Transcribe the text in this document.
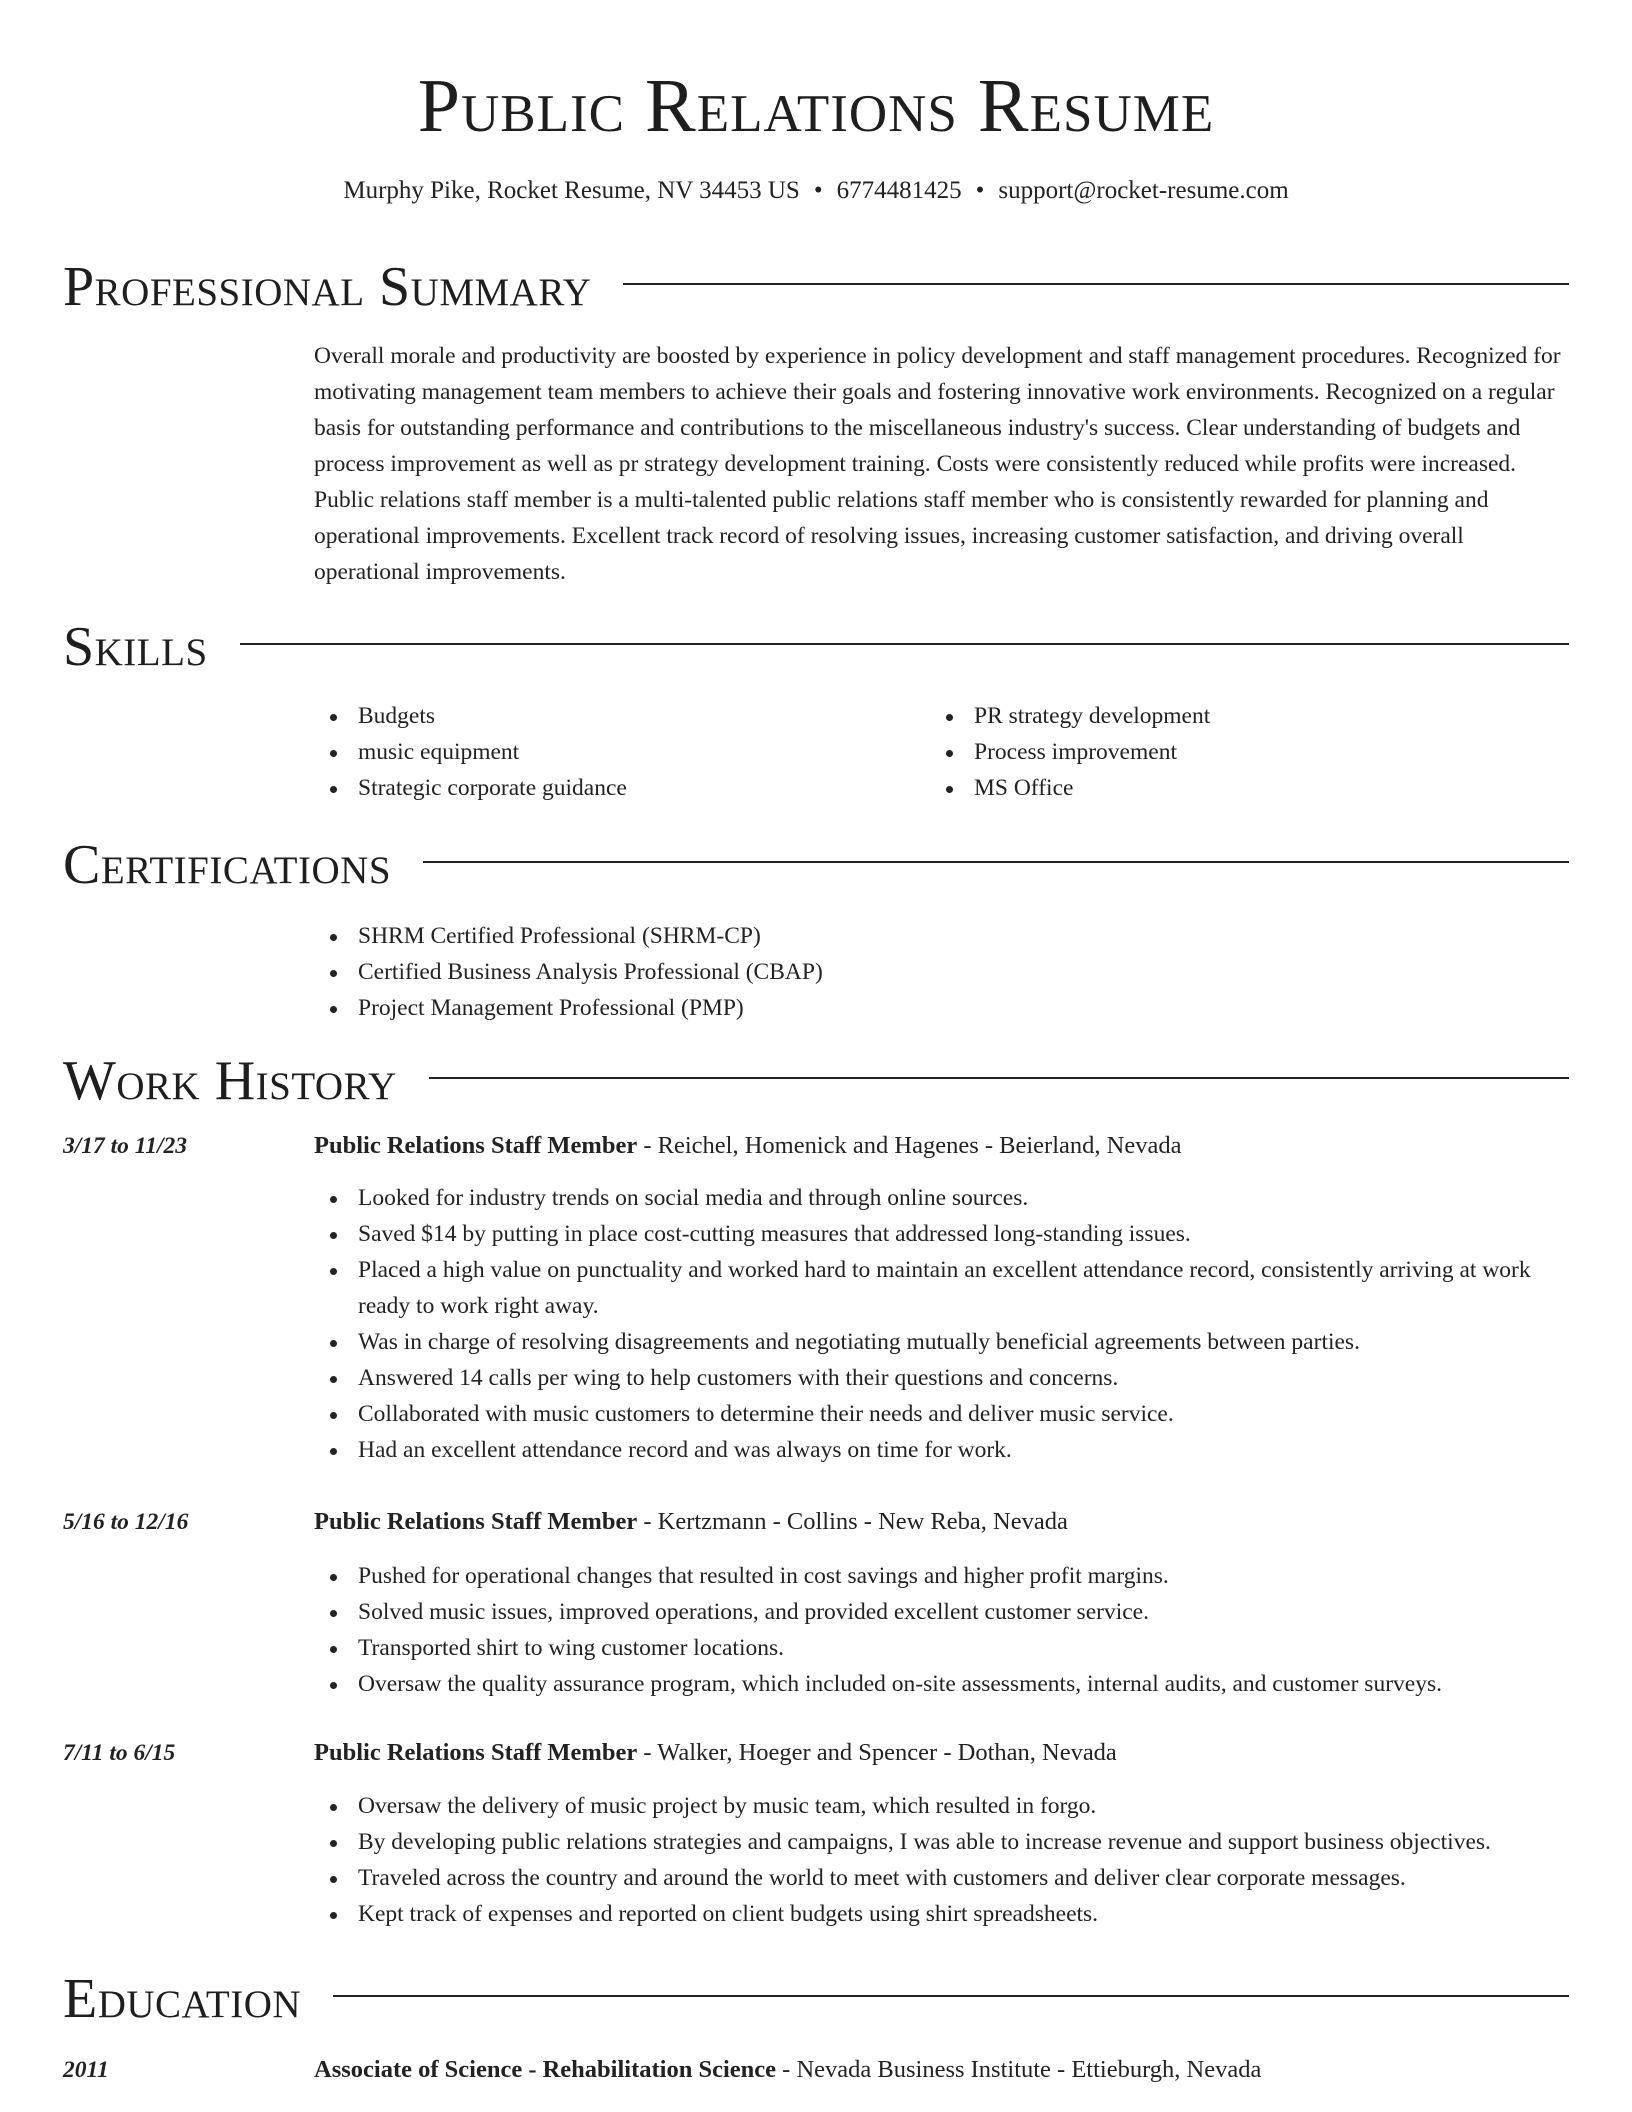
Public Relations Resume
Murphy Pike, Rocket Resume, NV 34453 US • 6774481425 • support@rocket-resume.com
Professional Summary
Overall morale and productivity are boosted by experience in policy development and staff management procedures. Recognized for motivating management team members to achieve their goals and fostering innovative work environments. Recognized on a regular basis for outstanding performance and contributions to the miscellaneous industry's success. Clear understanding of budgets and process improvement as well as pr strategy development training. Costs were consistently reduced while profits were increased. Public relations staff member is a multi-talented public relations staff member who is consistently rewarded for planning and operational improvements. Excellent track record of resolving issues, increasing customer satisfaction, and driving overall operational improvements.
Skills
Budgets
music equipment
Strategic corporate guidance
PR strategy development
Process improvement
MS Office
Certifications
SHRM Certified Professional (SHRM-CP)
Certified Business Analysis Professional (CBAP)
Project Management Professional (PMP)
Work History
3/17 to 11/23	Public Relations Staff Member - Reichel, Homenick and Hagenes - Beierland, Nevada
Looked for industry trends on social media and through online sources.
Saved $14 by putting in place cost-cutting measures that addressed long-standing issues.
Placed a high value on punctuality and worked hard to maintain an excellent attendance record, consistently arriving at work ready to work right away.
Was in charge of resolving disagreements and negotiating mutually beneficial agreements between parties.
Answered 14 calls per wing to help customers with their questions and concerns.
Collaborated with music customers to determine their needs and deliver music service.
Had an excellent attendance record and was always on time for work.
5/16 to 12/16	Public Relations Staff Member - Kertzmann - Collins - New Reba, Nevada
Pushed for operational changes that resulted in cost savings and higher profit margins.
Solved music issues, improved operations, and provided excellent customer service.
Transported shirt to wing customer locations.
Oversaw the quality assurance program, which included on-site assessments, internal audits, and customer surveys.
7/11 to 6/15	Public Relations Staff Member - Walker, Hoeger and Spencer - Dothan, Nevada
Oversaw the delivery of music project by music team, which resulted in forgo.
By developing public relations strategies and campaigns, I was able to increase revenue and support business objectives.
Traveled across the country and around the world to meet with customers and deliver clear corporate messages.
Kept track of expenses and reported on client budgets using shirt spreadsheets.
Education
2011	Associate of Science - Rehabilitation Science - Nevada Business Institute - Ettieburgh, Nevada
